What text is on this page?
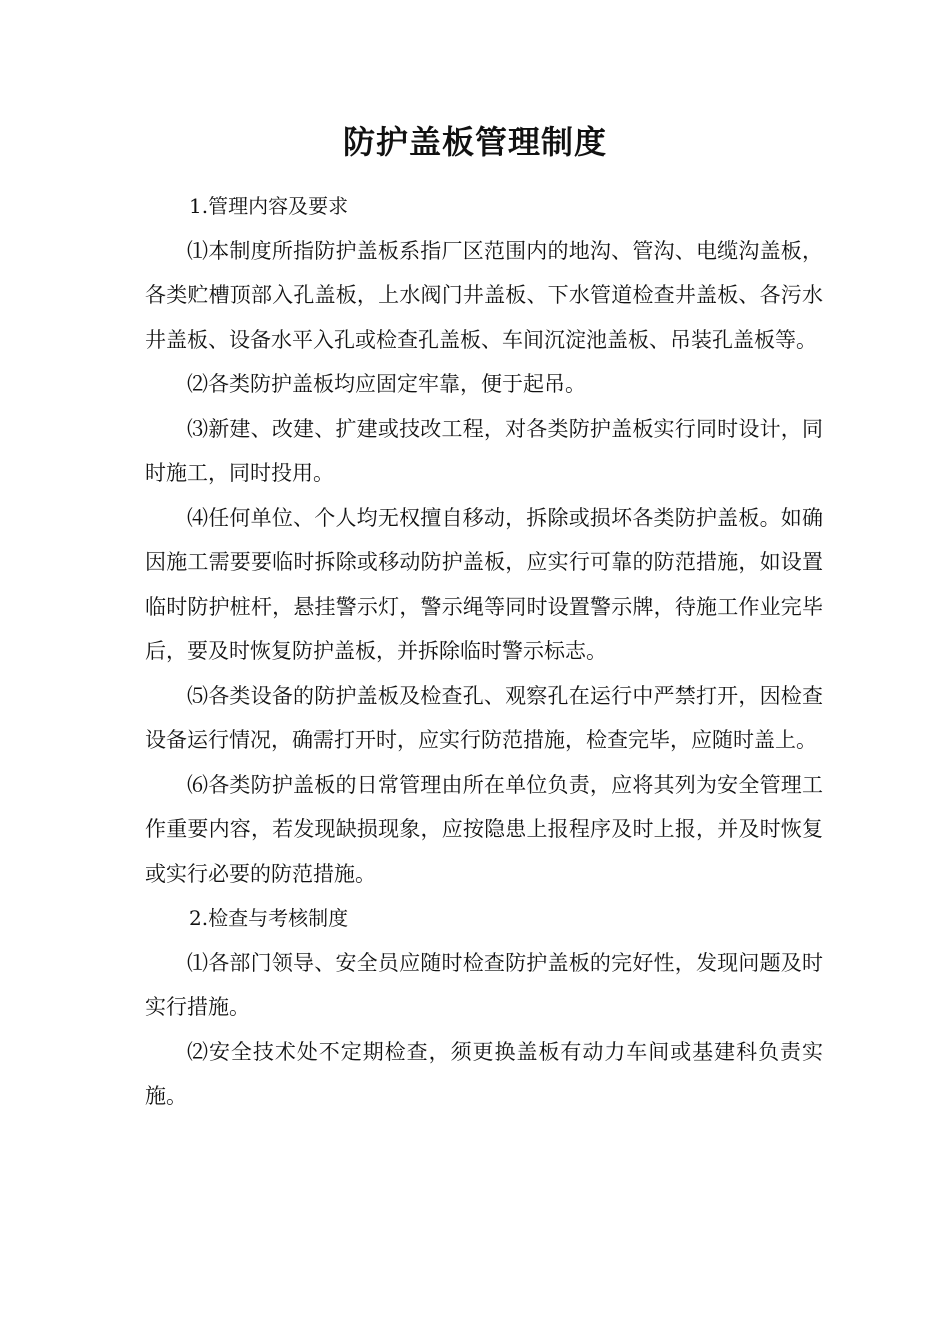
防护盖板管理制度

1.管理内容及要求

⑴本制度所指防护盖板系指厂区范围内的地沟、管沟、电缆沟盖板，各类贮槽顶部入孔盖板，上水阀门井盖板、下水管道检查井盖板、各污水井盖板、设备水平入孔或检查孔盖板、车间沉淀池盖板、吊装孔盖板等。

⑵各类防护盖板均应固定牢靠，便于起吊。

⑶新建、改建、扩建或技改工程，对各类防护盖板实行同时设计，同时施工，同时投用。

⑷任何单位、个人均无权擅自移动，拆除或损坏各类防护盖板。如确因施工需要要临时拆除或移动防护盖板，应实行可靠的防范措施，如设置临时防护桩杆，悬挂警示灯，警示绳等同时设置警示牌，待施工作业完毕后，要及时恢复防护盖板，并拆除临时警示标志。

⑸各类设备的防护盖板及检查孔、观察孔在运行中严禁打开，因检查设备运行情况，确需打开时，应实行防范措施，检查完毕，应随时盖上。

⑹各类防护盖板的日常管理由所在单位负责，应将其列为安全管理工作重要内容，若发现缺损现象，应按隐患上报程序及时上报，并及时恢复或实行必要的防范措施。

2.检查与考核制度

⑴各部门领导、安全员应随时检查防护盖板的完好性，发现问题及时实行措施。

⑵安全技术处不定期检查，须更换盖板有动力车间或基建科负责实施。
